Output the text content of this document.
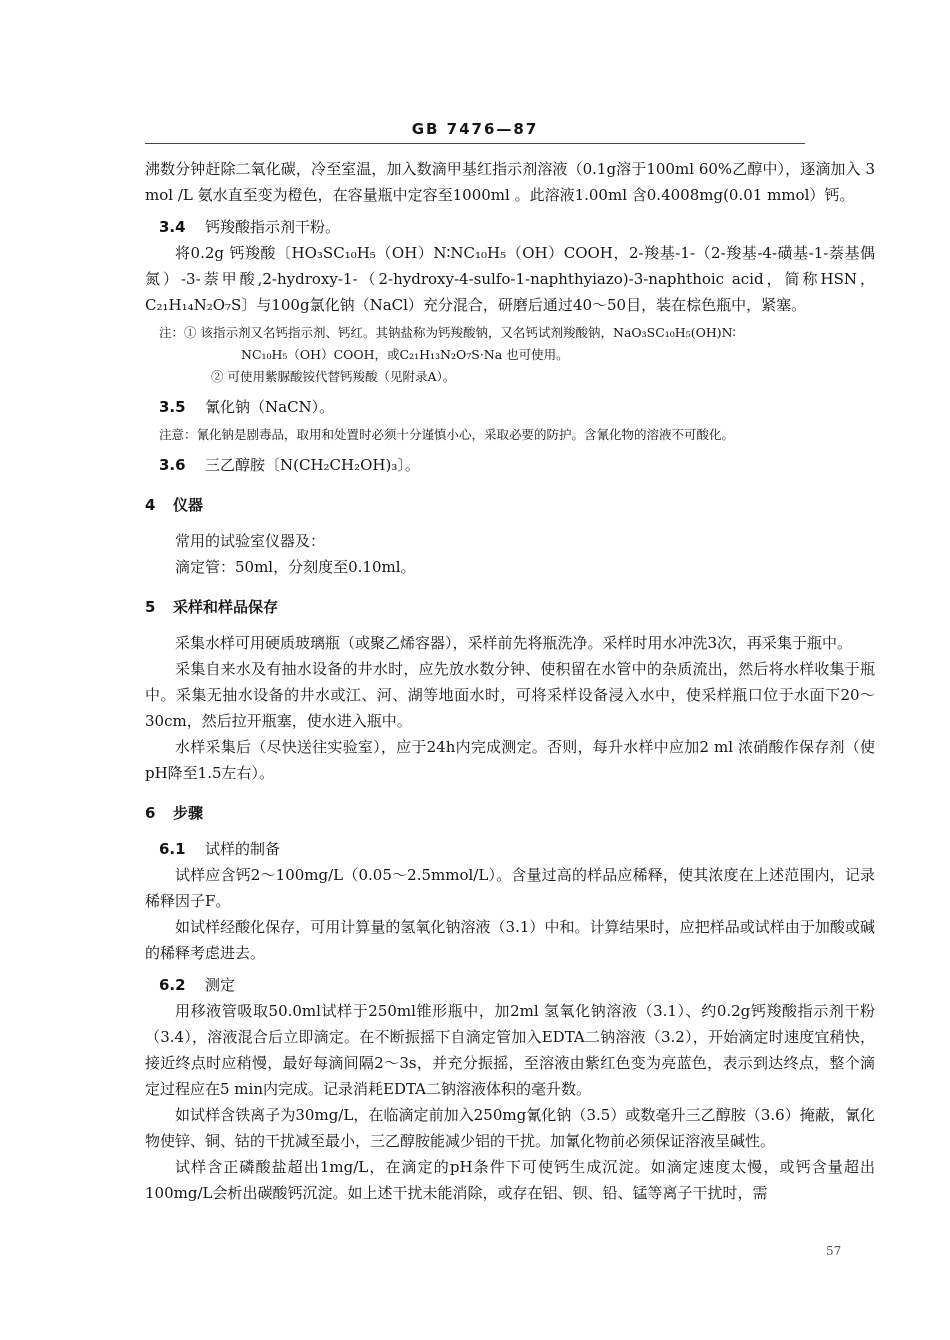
GB 7476—87

沸数分钟赶除二氧化碳，冷至室温，加入数滴甲基红指示剂溶液（0.1g溶于100ml 60%乙醇中），逐滴加入 3 mol /L 氨水直至变为橙色，在容量瓶中定容至1000ml 。此溶液1.00ml 含0.4008mg(0.01 mmol）钙。

3.4 钙羧酸指示剂干粉。

将0.2g 钙羧酸〔HO₃SC₁₀H₅（OH）N∶NC₁₀H₅（OH）COOH，2-羧基-1-（2-羧基-4-磺基-1-萘基偶氮）-3-萘甲酸,2-hydroxy-1-（2-hydroxy-4-sulfo-1-naphthyiazo)-3-naphthoic acid，简称HSN，C₂₁H₁₄N₂O₇S〕与100g氯化钠（NaCl）充分混合，研磨后通过40～50目，装在棕色瓶中，紧塞。

注：① 该指示剂又名钙指示剂、钙红。其钠盐称为钙羧酸钠，又名钙试剂羧酸钠，NaO₃SC₁₀H₅(OH)N∶
NC₁₀H₅（OH）COOH，或C₂₁H₁₃N₂O₇S·Na 也可使用。
② 可使用紫脲酸铵代替钙羧酸（见附录A）。
3.5 氰化钠（NaCN）。
注意：氰化钠是剧毒品，取用和处置时必须十分谨慎小心，采取必要的防护。含氰化物的溶液不可酸化。
3.6 三乙醇胺〔N(CH₂CH₂OH)₃〕。
4 仪器

常用的试验室仪器及：

滴定管：50ml，分刻度至0.10ml。

5 采样和样品保存

采集水样可用硬质玻璃瓶（或聚乙烯容器），采样前先将瓶洗净。采样时用水冲洗3次，再采集于瓶中。

采集自来水及有抽水设备的井水时，应先放水数分钟、使积留在水管中的杂质流出，然后将水样收集于瓶中。采集无抽水设备的井水或江、河、湖等地面水时，可将采样设备浸入水中，使采样瓶口位于水面下20～30cm，然后拉开瓶塞，使水进入瓶中。

水样采集后（尽快送往实验室），应于24h内完成测定。否则，每升水样中应加2 ml 浓硝酸作保存剂（使pH降至1.5左右）。

6 步骤
6.1 试样的制备

试样应含钙2～100mg/L（0.05～2.5mmol/L）。含量过高的样品应稀释，使其浓度在上述范围内，记录稀释因子F。

如试样经酸化保存，可用计算量的氢氧化钠溶液（3.1）中和。计算结果时，应把样品或试样由于加酸或碱的稀释考虑进去。

6.2 测定

用移液管吸取50.0ml试样于250ml锥形瓶中，加2ml 氢氧化钠溶液（3.1）、约0.2g钙羧酸指示剂干粉（3.4），溶液混合后立即滴定。在不断振摇下自滴定管加入EDTA二钠溶液（3.2），开始滴定时速度宜稍快，接近终点时应稍慢，最好每滴间隔2～3s，并充分振摇，至溶液由紫红色变为亮蓝色，表示到达终点，整个滴定过程应在5 min内完成。记录消耗EDTA二钠溶液体积的毫升数。

如试样含铁离子为30mg/L，在临滴定前加入250mg氰化钠（3.5）或数毫升三乙醇胺（3.6）掩蔽，氰化物使锌、铜、钴的干扰减至最小，三乙醇胺能减少铝的干扰。加氰化物前必须保证溶液呈碱性。

试样含正磷酸盐超出1mg/L，在滴定的pH条件下可使钙生成沉淀。如滴定速度太慢，或钙含量超出100mg/L会析出碳酸钙沉淀。如上述干扰未能消除，或存在铝、钡、铅、锰等离子干扰时，需

57
